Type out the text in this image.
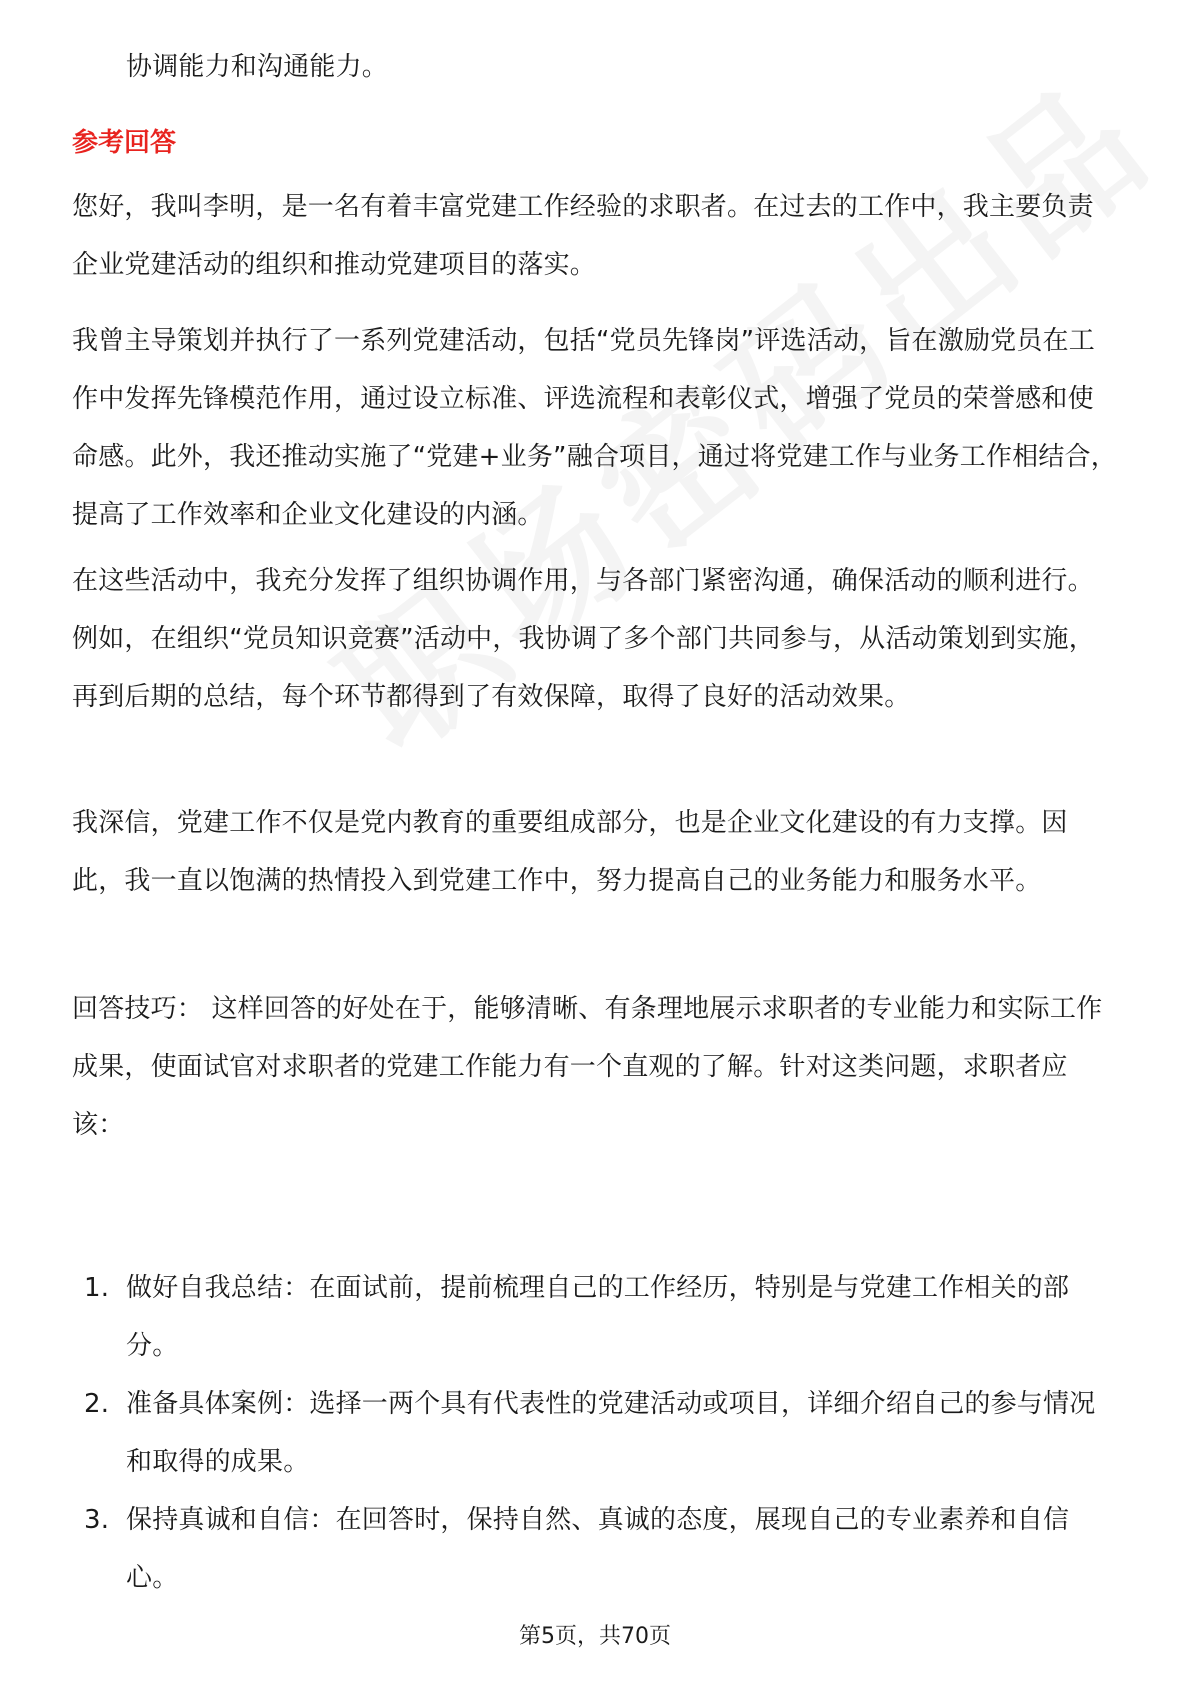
协调能力和沟通能力。

参考回答

您好，我叫李明，是一名有着丰富党建工作经验的求职者。在过去的工作中，我主要负责企业党建活动的组织和推动党建项目的落实。

我曾主导策划并执行了一系列党建活动，包括“党员先锋岗”评选活动，旨在激励党员在工作中发挥先锋模范作用，通过设立标准、评选流程和表彰仪式，增强了党员的荣誉感和使命感。此外，我还推动实施了“党建+业务”融合项目，通过将党建工作与业务工作相结合，提高了工作效率和企业文化建设的内涵。

在这些活动中，我充分发挥了组织协调作用，与各部门紧密沟通，确保活动的顺利进行。例如，在组织“党员知识竞赛”活动中，我协调了多个部门共同参与，从活动策划到实施，再到后期的总结，每个环节都得到了有效保障，取得了良好的活动效果。

我深信，党建工作不仅是党内教育的重要组成部分，也是企业文化建设的有力支撑。因此，我一直以饱满的热情投入到党建工作中，努力提高自己的业务能力和服务水平。

回答技巧： 这样回答的好处在于，能够清晰、有条理地展示求职者的专业能力和实际工作成果，使面试官对求职者的党建工作能力有一个直观的了解。针对这类问题，求职者应该：

1. 做好自我总结：在面试前，提前梳理自己的工作经历，特别是与党建工作相关的部分。
2. 准备具体案例：选择一两个具有代表性的党建活动或项目，详细介绍自己的参与情况和取得的成果。
3. 保持真诚和自信：在回答时，保持自然、真诚的态度，展现自己的专业素养和自信心。
第5页，共70页
